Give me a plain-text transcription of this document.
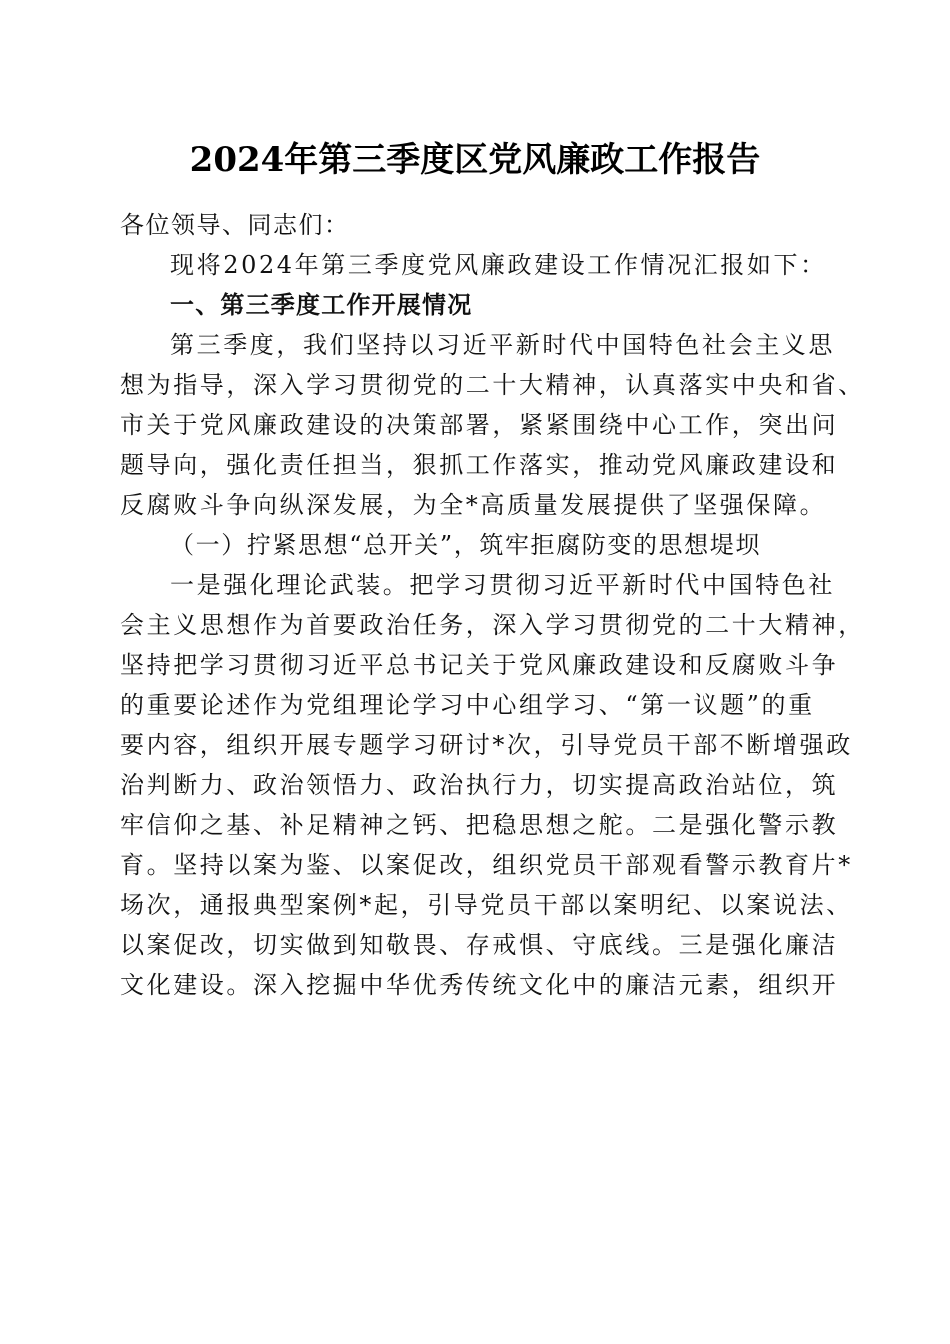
2024年第三季度区党风廉政工作报告
各位领导、同志们：
现将2024年第三季度党风廉政建设工作情况汇报如下：
一、第三季度工作开展情况
第三季度，我们坚持以习近平新时代中国特色社会主义思
想为指导，深入学习贯彻党的二十大精神，认真落实中央和省、
市关于党风廉政建设的决策部署，紧紧围绕中心工作，突出问
题导向，强化责任担当，狠抓工作落实，推动党风廉政建设和
反腐败斗争向纵深发展，为全*高质量发展提供了坚强保障。
（一）拧紧思想“总开关”，筑牢拒腐防变的思想堤坝
一是强化理论武装。把学习贯彻习近平新时代中国特色社
会主义思想作为首要政治任务，深入学习贯彻党的二十大精神，
坚持把学习贯彻习近平总书记关于党风廉政建设和反腐败斗争
的重要论述作为党组理论学习中心组学习、“第一议题”的重
要内容，组织开展专题学习研讨*次，引导党员干部不断增强政
治判断力、政治领悟力、政治执行力，切实提高政治站位，筑
牢信仰之基、补足精神之钙、把稳思想之舵。二是强化警示教
育。坚持以案为鉴、以案促改，组织党员干部观看警示教育片*
场次，通报典型案例*起，引导党员干部以案明纪、以案说法、
以案促改，切实做到知敬畏、存戒惧、守底线。三是强化廉洁
文化建设。深入挖掘中华优秀传统文化中的廉洁元素，组织开
